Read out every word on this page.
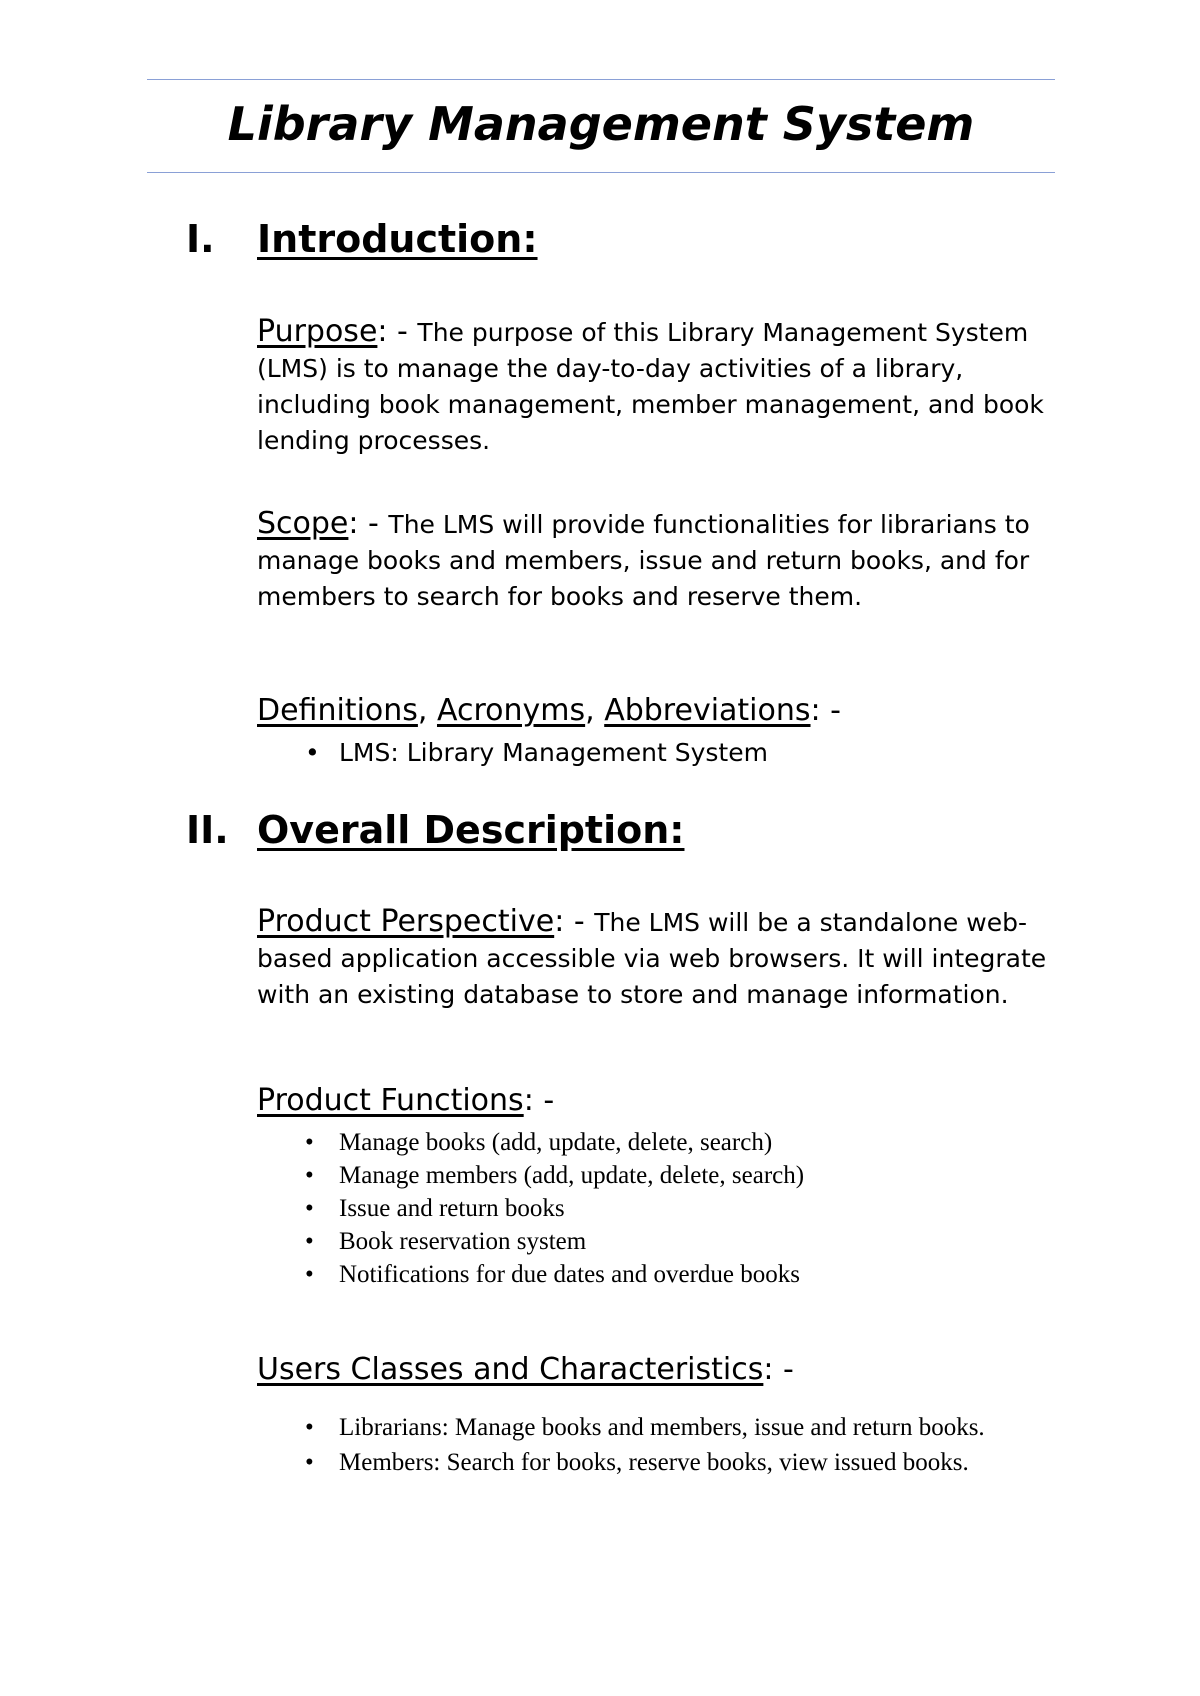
Library Management System
I. Introduction:
Purpose: - The purpose of this Library Management System (LMS) is to manage the day-to-day activities of a library, including book management, member management, and book lending processes.
Scope: - The LMS will provide functionalities for librarians to manage books and members, issue and return books, and for members to search for books and reserve them.
Definitions, Acronyms, Abbreviations: -
• LMS: Library Management System
II. Overall Description:
Product Perspective: - The LMS will be a standalone web-based application accessible via web browsers. It will integrate with an existing database to store and manage information.
Product Functions: -
• Manage books (add, update, delete, search)
• Manage members (add, update, delete, search)
• Issue and return books
• Book reservation system
• Notifications for due dates and overdue books
Users Classes and Characteristics: -
• Librarians: Manage books and members, issue and return books.
• Members: Search for books, reserve books, view issued books.
